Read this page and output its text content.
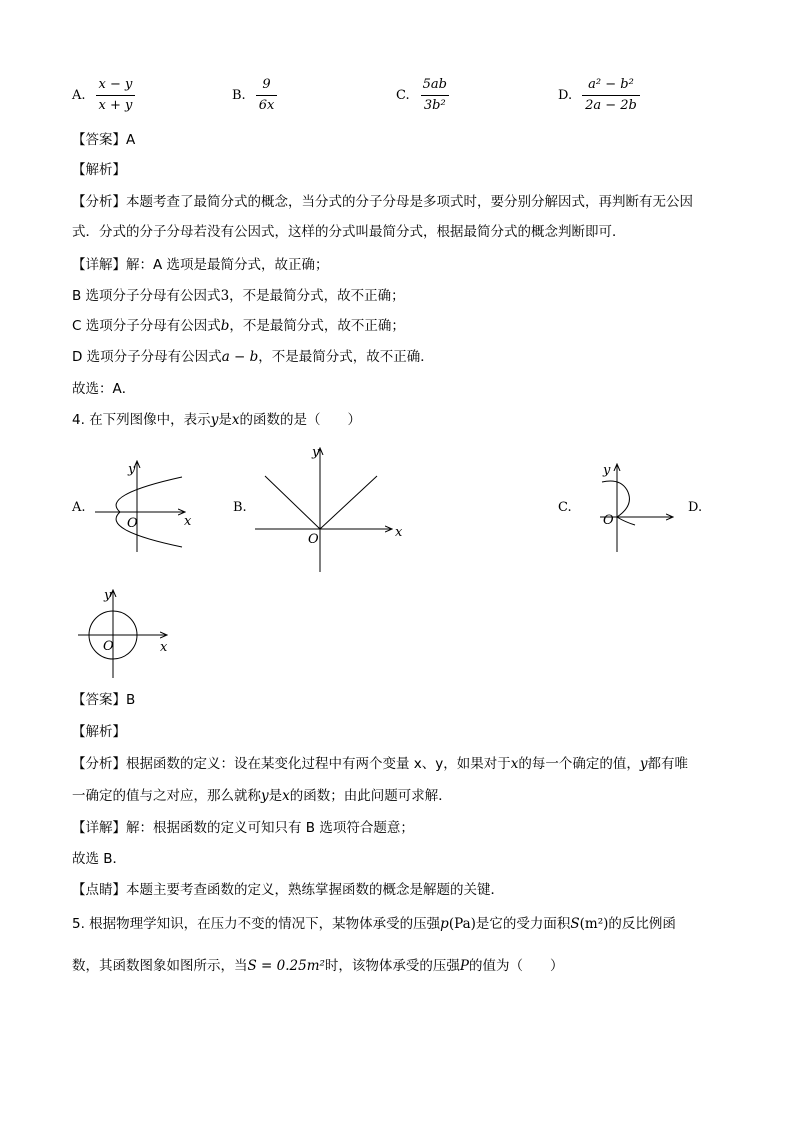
A. $\frac{x - y}{x + y}$	B. $\frac{9}{6x}$	C. $\frac{5ab}{\text{3b²}}$	D. $\frac{\text{a² − b²}}{2a - 2b}$
【答案】A
【解析】
【分析】本题考查了最简分式的概念，当分式的分子分母是多项式时，要分别分解因式，再判断有无公因
式．分式的分子分母若没有公因式，这样的分式叫最简分式，根据最简分式的概念判断即可．
【详解】解：A 选项是最简分式，故正确；
B 选项分子分母有公因式3，不是最简分式，故不正确；
C 选项分子分母有公因式b，不是最简分式，故不正确；
D 选项分子分母有公因式a − b，不是最简分式，故不正确．
故选：A．
4. 在下列图像中，表示y是x的函数的是（　　）
A.	B.	C.	D.
y
x
O
y
x
O
y
O
y
x
O
【答案】B
【解析】
【分析】根据函数的定义：设在某变化过程中有两个变量 x、y，如果对于x的每一个确定的值，y都有唯
一确定的值与之对应，那么就称y是x的函数；由此问题可求解．
【详解】解：根据函数的定义可知只有 B 选项符合题意；
故选 B．
【点睛】本题主要考查函数的定义，熟练掌握函数的概念是解题的关键．
5. 根据物理学知识，在压力不变的情况下，某物体承受的压强p(Pa)是它的受力面积S(m²)的反比例函
数，其函数图象如图所示，当S = 0.25m²时，该物体承受的压强P的值为（　　）
